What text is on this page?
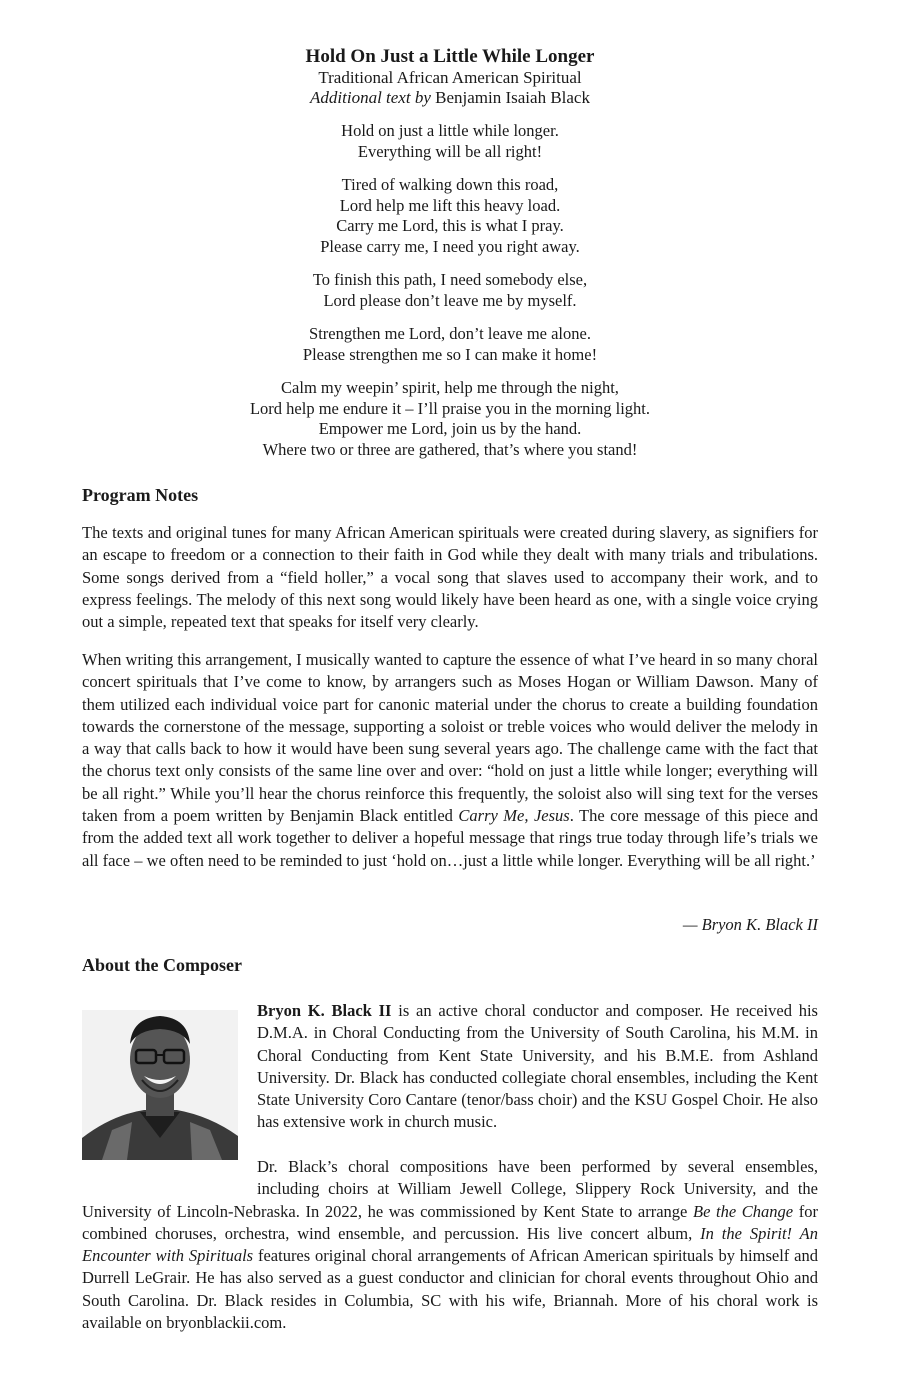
Hold On Just a Little While Longer
Traditional African American Spiritual
Additional text by Benjamin Isaiah Black
Hold on just a little while longer.
Everything will be all right!
Tired of walking down this road,
Lord help me lift this heavy load.
Carry me Lord, this is what I pray.
Please carry me, I need you right away.
To finish this path, I need somebody else,
Lord please don’t leave me by myself.
Strengthen me Lord, don’t leave me alone.
Please strengthen me so I can make it home!
Calm my weepin’ spirit, help me through the night,
Lord help me endure it – I’ll praise you in the morning light.
Empower me Lord, join us by the hand.
Where two or three are gathered, that’s where you stand!
Program Notes

The texts and original tunes for many African American spirituals were created during slavery, as signifiers for an escape to freedom or a connection to their faith in God while they dealt with many trials and tribulations. Some songs derived from a “field holler,” a vocal song that slaves used to accompany their work, and to express feelings. The melody of this next song would likely have been heard as one, with a single voice crying out a simple, repeated text that speaks for itself very clearly.

When writing this arrangement, I musically wanted to capture the essence of what I’ve heard in so many choral concert spirituals that I’ve come to know, by arrangers such as Moses Hogan or William Dawson. Many of them utilized each individual voice part for canonic material under the chorus to create a building foundation towards the cornerstone of the message, supporting a soloist or treble voices who would deliver the melody in a way that calls back to how it would have been sung several years ago. The challenge came with the fact that the chorus text only consists of the same line over and over: “hold on just a little while longer; everything will be all right.” While you’ll hear the chorus reinforce this frequently, the soloist also will sing text for the verses taken from a poem written by Benjamin Black entitled Carry Me, Jesus. The core message of this piece and from the added text all work together to deliver a hopeful message that rings true today through life’s trials we all face – we often need to be reminded to just ‘hold on…just a little while longer. Everything will be all right.’

— Bryon K. Black II
About the Composer

Bryon K. Black II is an active choral conductor and composer. He received his D.M.A. in Choral Conducting from the University of South Carolina, his M.M. in Choral Conducting from Kent State University, and his B.M.E. from Ashland University. Dr. Black has conducted collegiate choral ensembles, including the Kent State University Coro Cantare (tenor/bass choir) and the KSU Gospel Choir. He also has extensive work in church music.

Dr. Black’s choral compositions have been performed by several ensembles, including choirs at William Jewell College, Slippery Rock University, and the University of Lincoln-Nebraska. In 2022, he was commissioned by Kent State to arrange Be the Change for combined choruses, orchestra, wind ensemble, and percussion. His live concert album, In the Spirit! An Encounter with Spirituals features original choral arrangements of African American spirituals by himself and Durrell LeGrair. He has also served as a guest conductor and clinician for choral events throughout Ohio and South Carolina. Dr. Black resides in Columbia, SC with his wife, Briannah. More of his choral work is available on bryonblackii.com.
